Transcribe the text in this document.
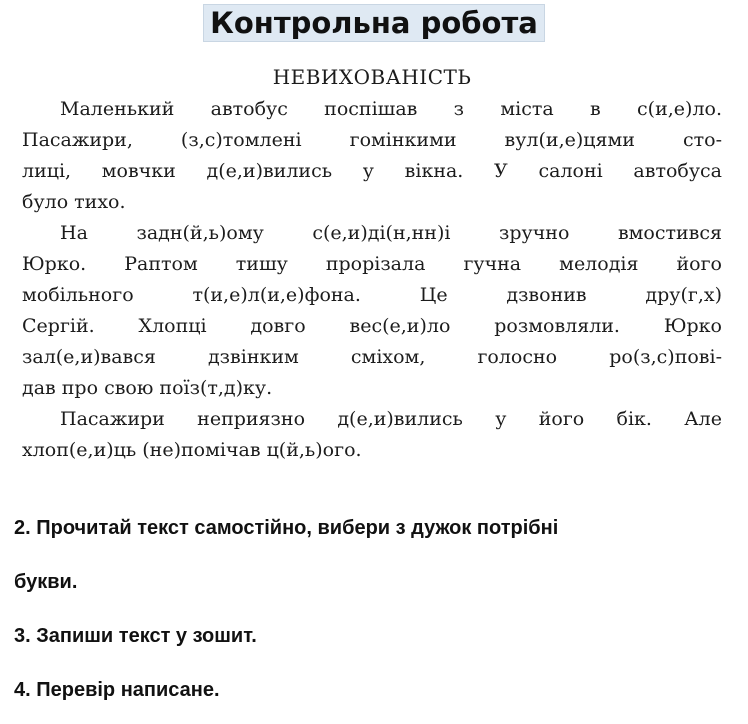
Контрольна робота
НЕВИХОВАНІСТЬ
Маленький автобус поспішав з міста в с(и,е)ло.
Пасажири, (з,с)томлені гомінкими вул(и,е)цями сто-
лиці, мовчки д(е,и)вились у вікна. У салоні автобуса
було тихо.
На задн(й,ь)ому с(е,и)ді(н,нн)і зручно вмостився
Юрко. Раптом тишу прорізала гучна мелодія його
мобільного т(и,е)л(и,е)фона. Це дзвонив дру(г,х)
Сергій. Хлопці довго вес(е,и)ло розмовляли. Юрко
зал(е,и)вався дзвінким сміхом, голосно ро(з,с)пові-
дав про свою поїз(т,д)ку.
Пасажири неприязно д(е,и)вились у його бік. Але
хлоп(е,и)ць (не)помічав ц(й,ь)ого.
2. Прочитай текст самостійно, вибери з дужок потрібні
букви.
3. Запиши текст у зошит.
4. Перевір написане.
